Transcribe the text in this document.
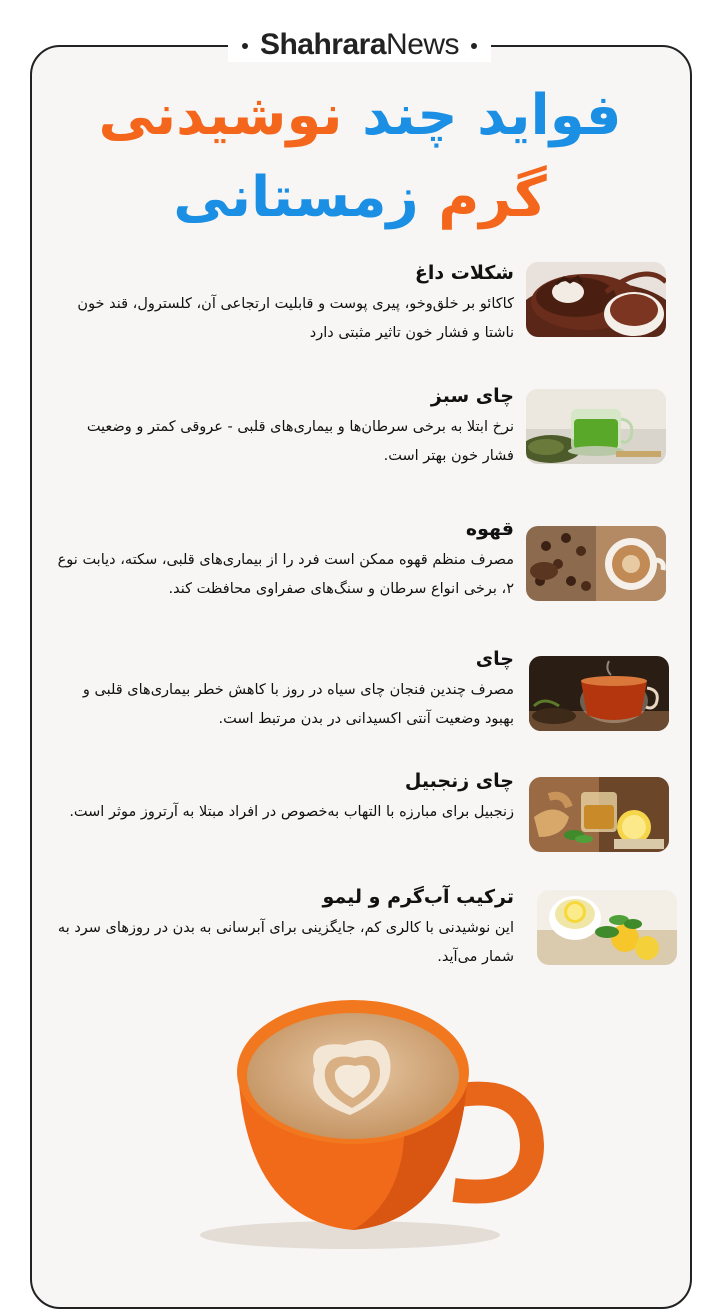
ShahraraNews
فواید چند نوشیدنی
گرم زمستانی
شکلات داغ

کاکائو بر خلق‌وخو، پیری پوست و قابلیت ارتجاعی آن، کلسترول، قند خون ناشتا و فشار خون تاثیر مثبتی دارد

چای سبز

نرخ ابتلا به برخی سرطان‌ها و بیماری‌های قلبی - عروقی کمتر و وضعیت فشار خون بهتر است.

قهوه

مصرف منظم قهوه ممکن است فرد را از بیماری‌های قلبی، سکته، دیابت نوع ۲، برخی انواع سرطان و سنگ‌های صفراوی محافظت کند.

چای

مصرف چندین فنجان چای سیاه در روز با کاهش خطر بیماری‌های قلبی و بهبود وضعیت آنتی اکسیدانی در بدن مرتبط است.

چای زنجبیل

زنجبیل برای مبارزه با التهاب به‌خصوص در افراد مبتلا به آرتروز موثر است.

ترکیب آب‌گرم و لیمو

این نوشیدنی با کالری کم، جایگزینی برای آبرسانی به بدن در روزهای سرد به شمار می‌آید.
